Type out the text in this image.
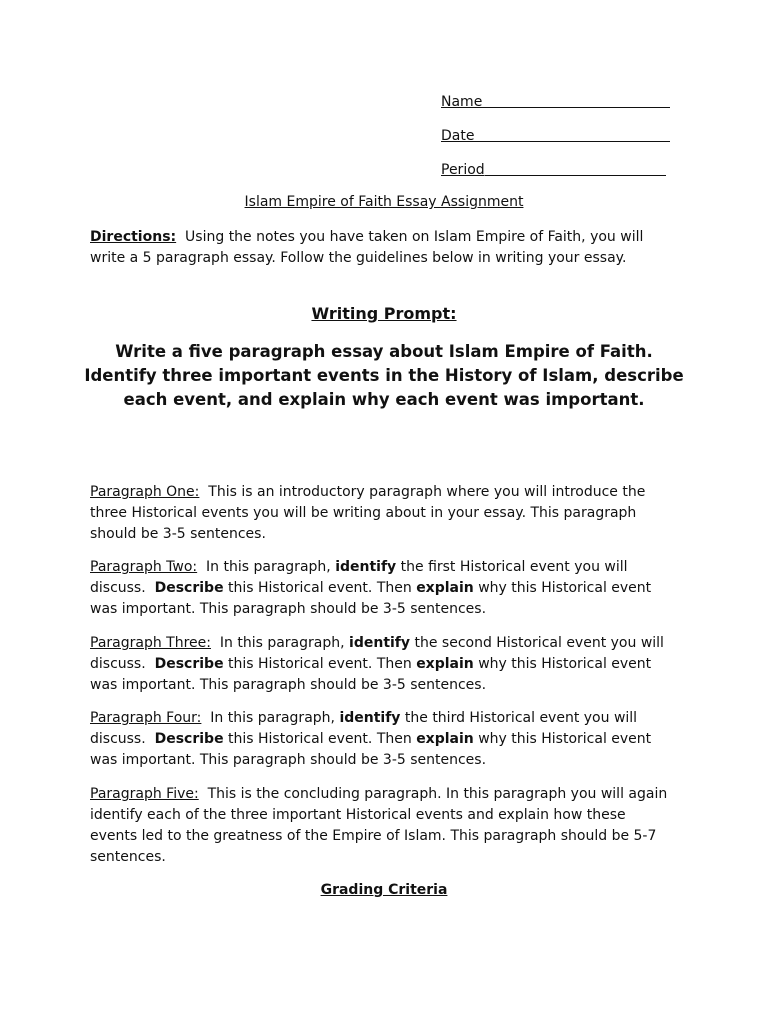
Name
Date
Period
Islam Empire of Faith Essay Assignment
Directions: Using the notes you have taken on Islam Empire of Faith, you will write a 5 paragraph essay. Follow the guidelines below in writing your essay.
Writing Prompt:
Write a five paragraph essay about Islam Empire of Faith. Identify three important events in the History of Islam, describe each event, and explain why each event was important.
Paragraph One: This is an introductory paragraph where you will introduce the three Historical events you will be writing about in your essay. This paragraph should be 3-5 sentences.
Paragraph Two: In this paragraph, identify the first Historical event you will discuss. Describe this Historical event. Then explain why this Historical event was important. This paragraph should be 3-5 sentences.
Paragraph Three: In this paragraph, identify the second Historical event you will discuss. Describe this Historical event. Then explain why this Historical event was important. This paragraph should be 3-5 sentences.
Paragraph Four: In this paragraph, identify the third Historical event you will discuss. Describe this Historical event. Then explain why this Historical event was important. This paragraph should be 3-5 sentences.
Paragraph Five: This is the concluding paragraph. In this paragraph you will again identify each of the three important Historical events and explain how these events led to the greatness of the Empire of Islam. This paragraph should be 5-7 sentences.
Grading Criteria
